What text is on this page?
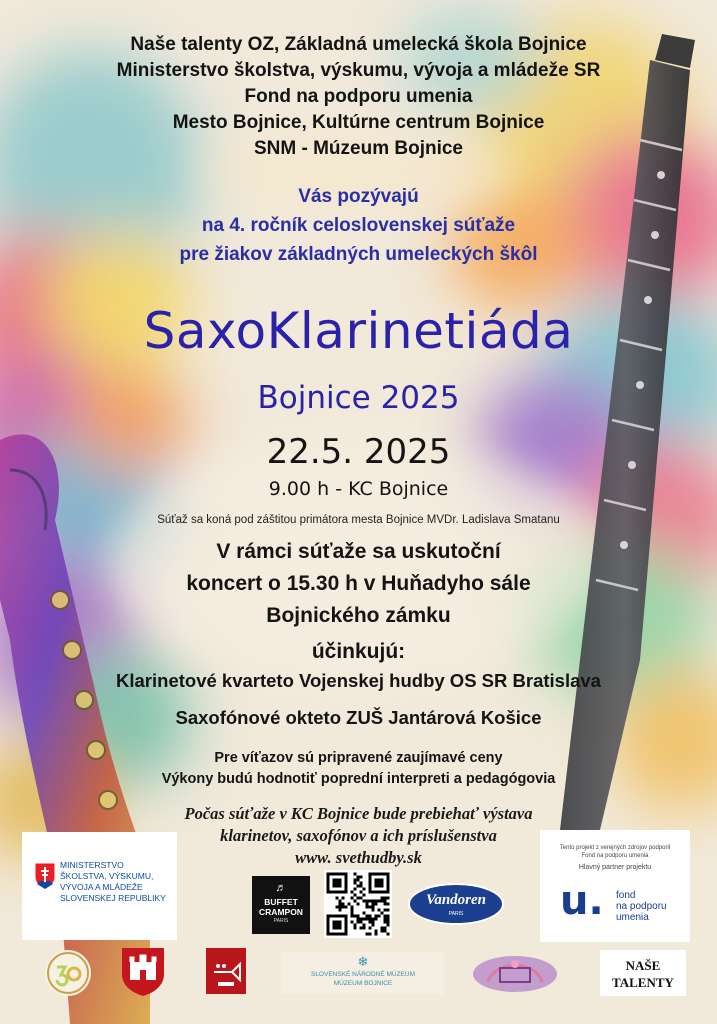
Naše talenty OZ, Základná umelecká škola Bojnice
Ministerstvo školstva, výskumu, vývoja a mládeže SR
Fond na podporu umenia
Mesto Bojnice, Kultúrne centrum Bojnice
SNM - Múzeum Bojnice
Vás pozývajú
na 4. ročník celoslovenskej súťaže
pre žiakov základných umeleckých škôl
SaxoKlarinetiáda
Bojnice 2025
22.5. 2025
9.00 h - KC Bojnice
Súťaž sa koná pod záštitou primátora mesta Bojnice MVDr. Ladislava Smatanu
V rámci súťaže sa uskutoční
koncert o 15.30 h v Huňadyho sále
Bojnického zámku
účinkujú:
Klarinetové kvarteto Vojenskej hudby OS SR Bratislava
Saxofónové okteto ZUŠ Jantárová Košice
Pre víťazov sú pripravené zaujímavé ceny
Výkony budú hodnotiť poprední interpreti a pedagógovia
Počas súťaže v KC Bojnice bude prebiehať výstava
klarinetov, saxofónov a ich príslušenstva
www. svethudby.sk
MINISTERSTVO
ŠKOLSTVA, VÝSKUMU,
VÝVOJA A MLÁDEŽE
SLOVENSKEJ REPUBLIKY
♬
BUFFET
CRAMPON
PARIS
Vandoren
PARIS
Tento projekt z verejných zdrojov podporil
Fond na podporu umenia
Hlavný partner projektu
u. fond
na podporu
umenia
❄
SLOVENSKÉ NÁRODNÉ MÚZEUM
MÚZEUM BOJNICE
NAŠE
TALENTY
